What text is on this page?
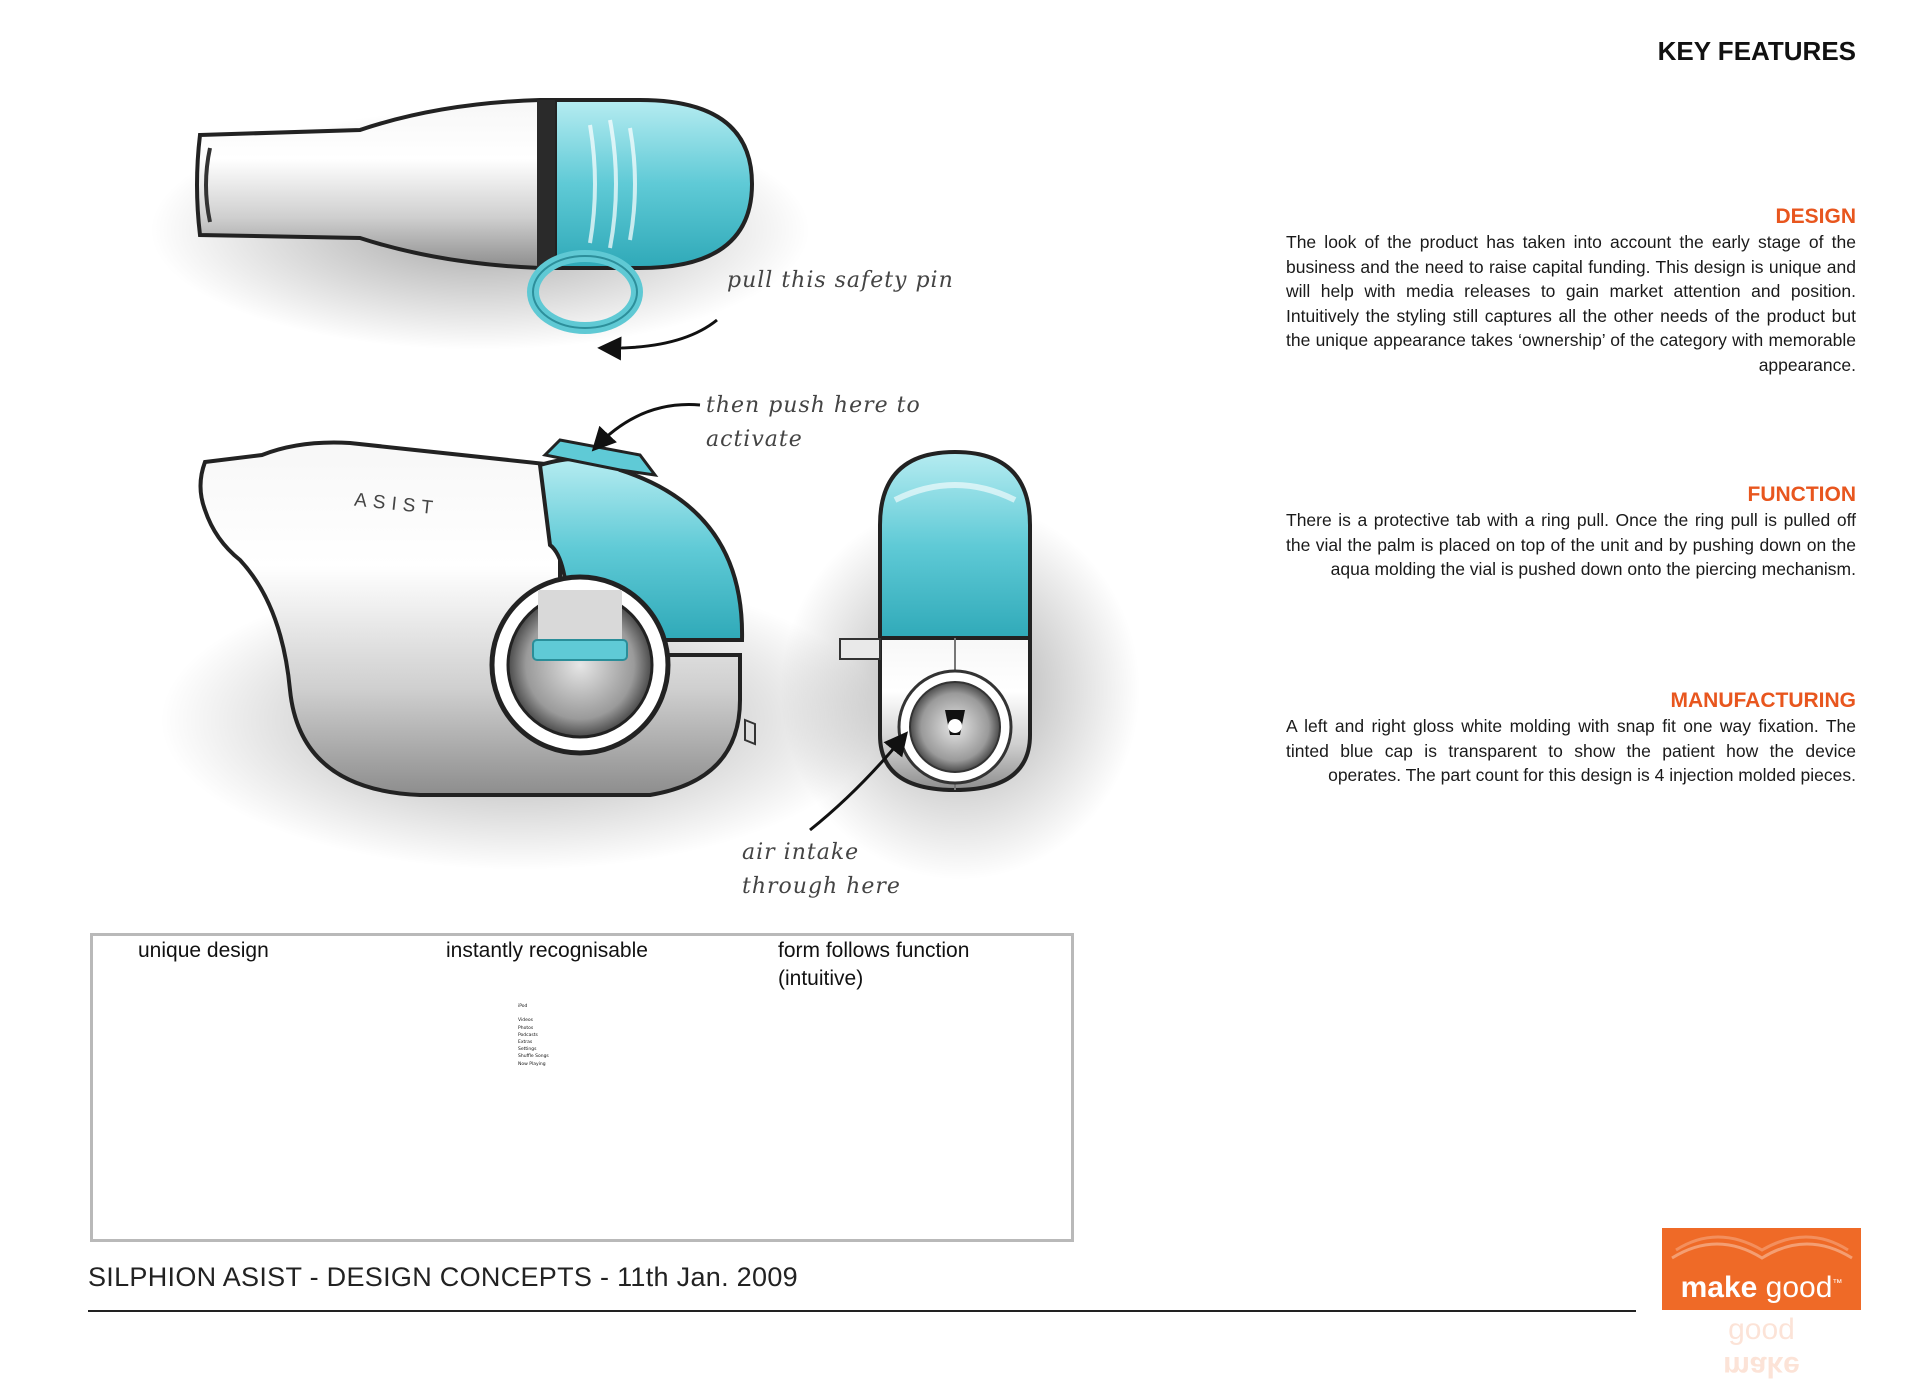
pull this safety pin
then push here to
activate
air intake
through here
ASIST
KEY FEATURES
DESIGN

The look of the product has taken into account the early stage of the business and the need to raise capital funding. This design is unique and will help with media releases to gain market attention and position. Intuitively the styling still captures all the other needs of the product but the unique appearance takes ‘ownership’ of the category with memorable appearance.

FUNCTION

There is a protective tab with a ring pull. Once the ring pull is pulled off the vial the palm is placed on top of the unit and by pushing down on the aqua molding the vial is pushed down onto the piercing mechanism.

MANUFACTURING

A left and right gloss white molding with snap fit one way fixation. The tinted blue cap is transparent to show the patient how the device operates. The part count for this design is 4 injection molded pieces.

unique design	instantly recognisable	form follows function
(intuitive)
iPod
Music
Videos
Photos
Podcasts
Extras
Settings
Shuffle Songs
Now Playing
SILPHION ASIST - DESIGN CONCEPTS - 11th Jan. 2009	make good™
make
good
